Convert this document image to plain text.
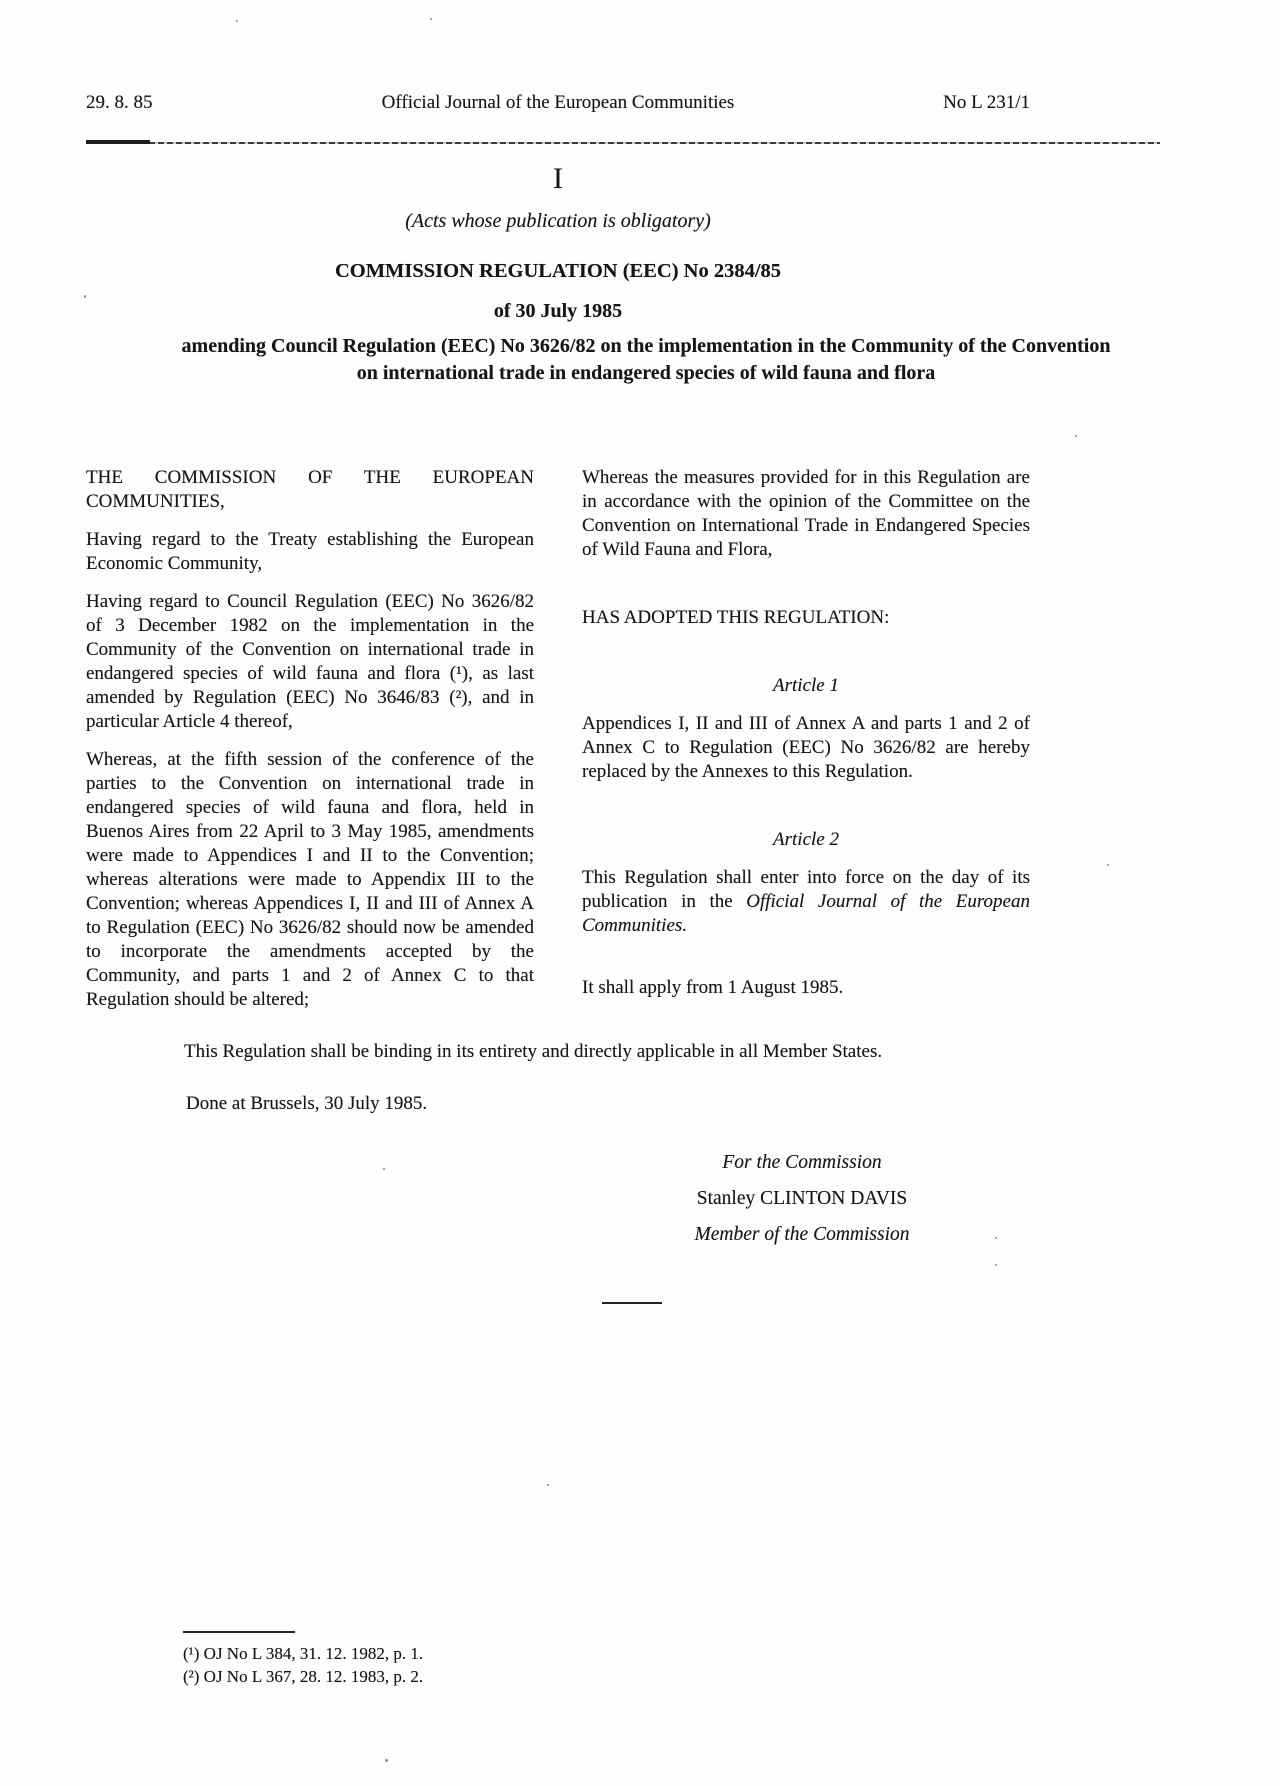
29. 8. 85	Official Journal of the European Communities	No L 231/1
I
(Acts whose publication is obligatory)
COMMISSION REGULATION (EEC) No 2384/85
of 30 July 1985
amending Council Regulation (EEC) No 3626/82 on the implementation in the Community of the Convention on international trade in endangered species of wild fauna and flora

THE COMMISSION OF THE EUROPEAN COMMUNITIES,

Having regard to the Treaty establishing the European Economic Community,

Having regard to Council Regulation (EEC) No 3626/82 of 3 December 1982 on the implementation in the Community of the Convention on international trade in endangered species of wild fauna and flora (¹), as last amended by Regulation (EEC) No 3646/83 (²), and in particular Article 4 thereof,

Whereas, at the fifth session of the conference of the parties to the Convention on international trade in endangered species of wild fauna and flora, held in Buenos Aires from 22 April to 3 May 1985, amendments were made to Appendices I and II to the Convention; whereas alterations were made to Appendix III to the Convention; whereas Appendices I, II and III of Annex A to Regulation (EEC) No 3626/82 should now be amended to incorporate the amendments accepted by the Community, and parts 1 and 2 of Annex C to that Regulation should be altered;

Whereas the measures provided for in this Regulation are in accordance with the opinion of the Committee on the Convention on International Trade in Endangered Species of Wild Fauna and Flora,

HAS ADOPTED THIS REGULATION:

Article 1

Appendices I, II and III of Annex A and parts 1 and 2 of Annex C to Regulation (EEC) No 3626/82 are hereby replaced by the Annexes to this Regulation.

Article 2

This Regulation shall enter into force on the day of its publication in the Official Journal of the European Communities.

It shall apply from 1 August 1985.

This Regulation shall be binding in its entirety and directly applicable in all Member States.

Done at Brussels, 30 July 1985.

For the Commission
Stanley CLINTON DAVIS
Member of the Commission
(¹) OJ No L 384, 31. 12. 1982, p. 1.
(²) OJ No L 367, 28. 12. 1983, p. 2.
